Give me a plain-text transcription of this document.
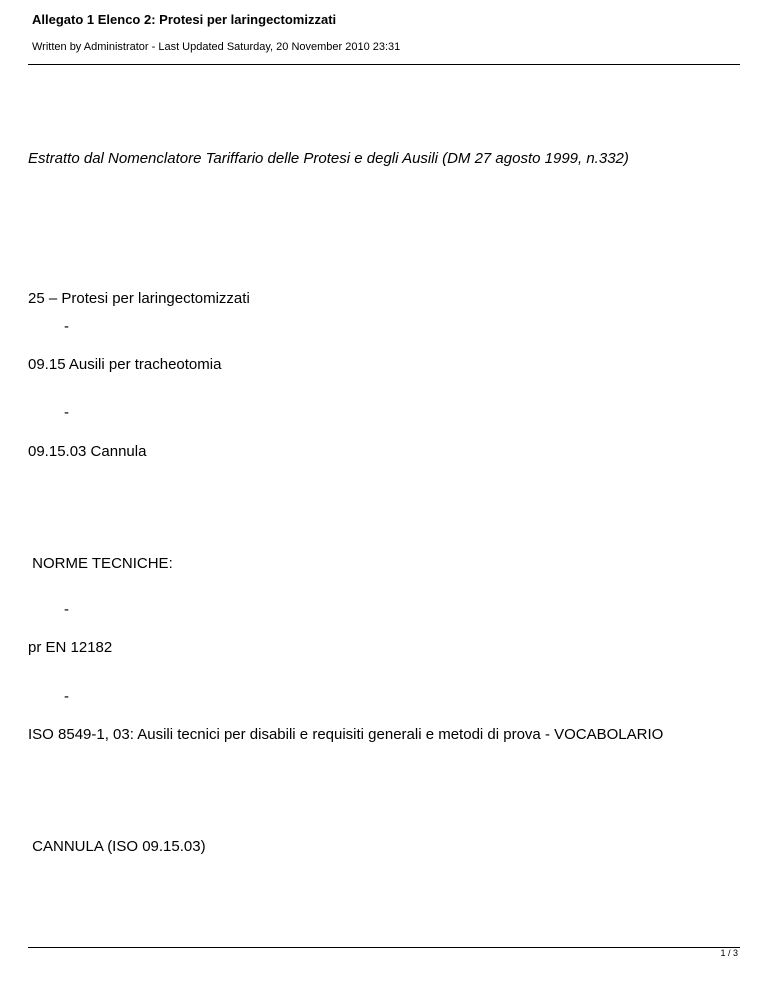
Allegato 1 Elenco 2: Protesi per laringectomizzati
Written by Administrator - Last Updated Saturday, 20 November 2010 23:31
Estratto dal Nomenclatore Tariffario delle Protesi e degli Ausili (DM 27 agosto 1999, n.332)
25 – Protesi per laringectomizzati
-
09.15 Ausili per tracheotomia
-
09.15.03 Cannula
NORME TECNICHE:
-
pr EN 12182
-
ISO 8549-1, 03: Ausili tecnici per disabili e requisiti generali e metodi di prova - VOCABOLARIO
CANNULA (ISO 09.15.03)
1 / 3
